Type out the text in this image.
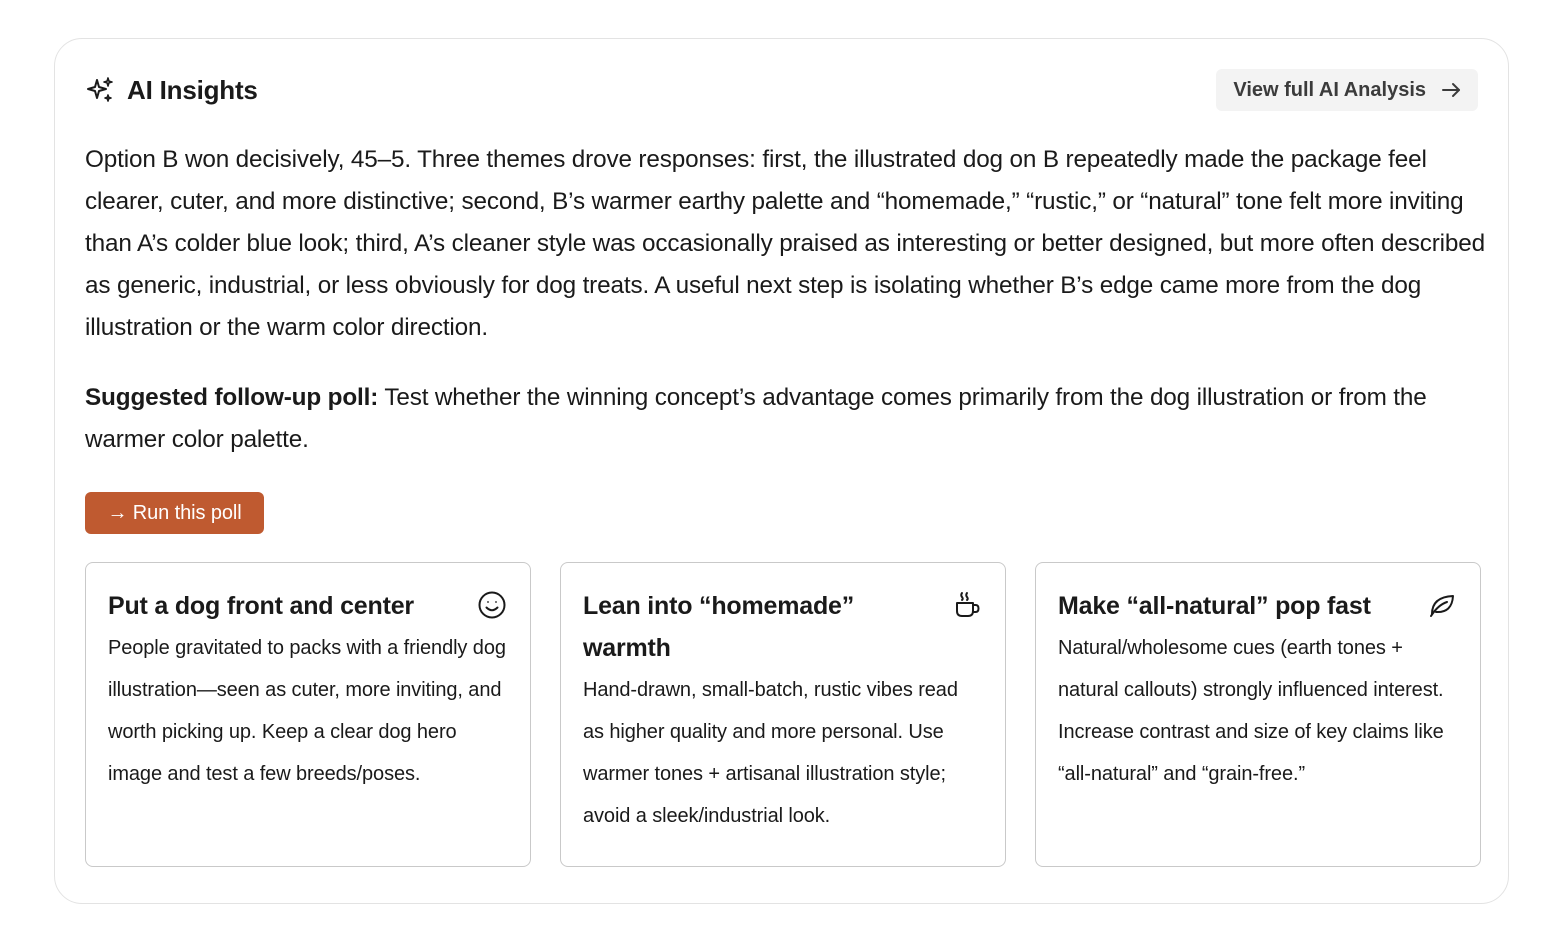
AI Insights	View full AI Analysis

Option B won decisively, 45–5. Three themes drove responses: first, the illustrated dog on B repeatedly made the package feel clearer, cuter, and more distinctive; second, B’s warmer earthy palette and “homemade,” “rustic,” or “natural” tone felt more inviting than A’s colder blue look; third, A’s cleaner style was occasionally praised as interesting or better designed, but more often described as generic, industrial, or less obviously for dog treats. A useful next step is isolating whether B’s edge came more from the dog illustration or the warm color direction.

Suggested follow-up poll: Test whether the winning concept’s advantage comes primarily from the dog illustration or from the warmer color palette.

→ Run this poll
Put a dog front and center
People gravitated to packs with a friendly dog illustration—seen as cuter, more inviting, and worth picking up. Keep a clear dog hero image and test a few breeds/poses.
Lean into “homemade” warmth
Hand-drawn, small-batch, rustic vibes read as higher quality and more personal. Use warmer tones + artisanal illustration style; avoid a sleek/industrial look.
Make “all-natural” pop fast
Natural/wholesome cues (earth tones + natural callouts) strongly influenced interest. Increase contrast and size of key claims like “all-natural” and “grain-free.”
